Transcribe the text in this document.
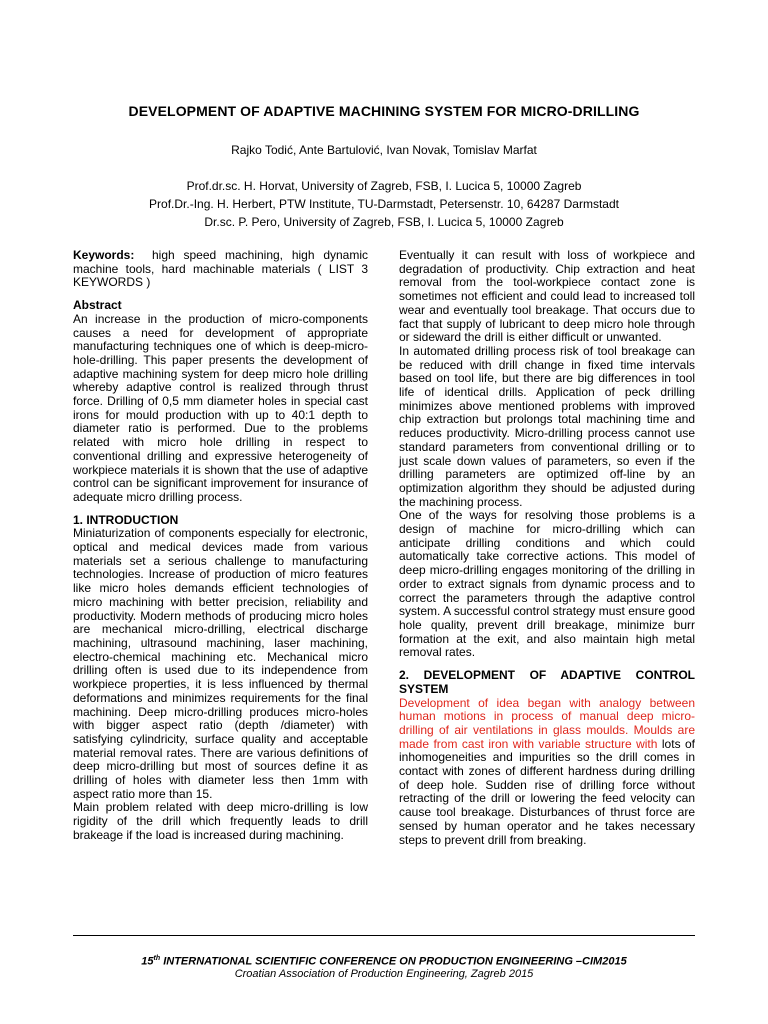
DEVELOPMENT OF ADAPTIVE MACHINING SYSTEM FOR MICRO-DRILLING
Rajko Todić, Ante Bartulović, Ivan Novak, Tomislav Marfat
Prof.dr.sc. H. Horvat, University of Zagreb, FSB, I. Lucica 5, 10000 Zagreb
Prof.Dr.-Ing. H. Herbert, PTW Institute, TU-Darmstadt, Petersenstr. 10, 64287 Darmstadt
Dr.sc. P. Pero, University of Zagreb, FSB, I. Lucica 5, 10000 Zagreb

Keywords: high speed machining, high dynamic machine tools, hard machinable materials ( LIST 3 KEYWORDS )

Abstract

An increase in the production of micro-components causes a need for development of appropriate manufacturing techniques one of which is deep-micro-hole-drilling. This paper presents the development of adaptive machining system for deep micro hole drilling whereby adaptive control is realized through thrust force. Drilling of 0,5 mm diameter holes in special cast irons for mould production with up to 40:1 depth to diameter ratio is performed. Due to the problems related with micro hole drilling in respect to conventional drilling and expressive heterogeneity of workpiece materials it is shown that the use of adaptive control can be significant improvement for insurance of adequate micro drilling process.

1. INTRODUCTION

Miniaturization of components especially for electronic, optical and medical devices made from various materials set a serious challenge to manufacturing technologies. Increase of production of micro features like micro holes demands efficient technologies of micro machining with better precision, reliability and productivity. Modern methods of producing micro holes are mechanical micro-drilling, electrical discharge machining, ultrasound machining, laser machining, electro-chemical machining etc. Mechanical micro drilling often is used due to its independence from workpiece properties, it is less influenced by thermal deformations and minimizes requirements for the final machining. Deep micro-drilling produces micro-holes with bigger aspect ratio (depth /diameter) with satisfying cylindricity, surface quality and acceptable material removal rates. There are various definitions of deep micro-drilling but most of sources define it as drilling of holes with diameter less then 1mm with aspect ratio more than 15.

Main problem related with deep micro-drilling is low rigidity of the drill which frequently leads to drill brakeage if the load is increased during machining.

Eventually it can result with loss of workpiece and degradation of productivity. Chip extraction and heat removal from the tool-workpiece contact zone is sometimes not efficient and could lead to increased toll wear and eventually tool breakage. That occurs due to fact that supply of lubricant to deep micro hole through or sideward the drill is either difficult or unwanted.

In automated drilling process risk of tool breakage can be reduced with drill change in fixed time intervals based on tool life, but there are big differences in tool life of identical drills. Application of peck drilling minimizes above mentioned problems with improved chip extraction but prolongs total machining time and reduces productivity. Micro-drilling process cannot use standard parameters from conventional drilling or to just scale down values of parameters, so even if the drilling parameters are optimized off-line by an optimization algorithm they should be adjusted during the machining process.

One of the ways for resolving those problems is a design of machine for micro-drilling which can anticipate drilling conditions and which could automatically take corrective actions. This model of deep micro-drilling engages monitoring of the drilling in order to extract signals from dynamic process and to correct the parameters through the adaptive control system. A successful control strategy must ensure good hole quality, prevent drill breakage, minimize burr formation at the exit, and also maintain high metal removal rates.

2. DEVELOPMENT OF ADAPTIVE CONTROL SYSTEM

Development of idea began with analogy between human motions in process of manual deep micro-drilling of air ventilations in glass moulds. Moulds are made from cast iron with variable structure with lots of inhomogeneities and impurities so the drill comes in contact with zones of different hardness during drilling of deep hole. Sudden rise of drilling force without retracting of the drill or lowering the feed velocity can cause tool breakage. Disturbances of thrust force are sensed by human operator and he takes necessary steps to prevent drill from breaking.

15th INTERNATIONAL SCIENTIFIC CONFERENCE ON PRODUCTION ENGINEERING –CIM2015
Croatian Association of Production Engineering, Zagreb 2015
